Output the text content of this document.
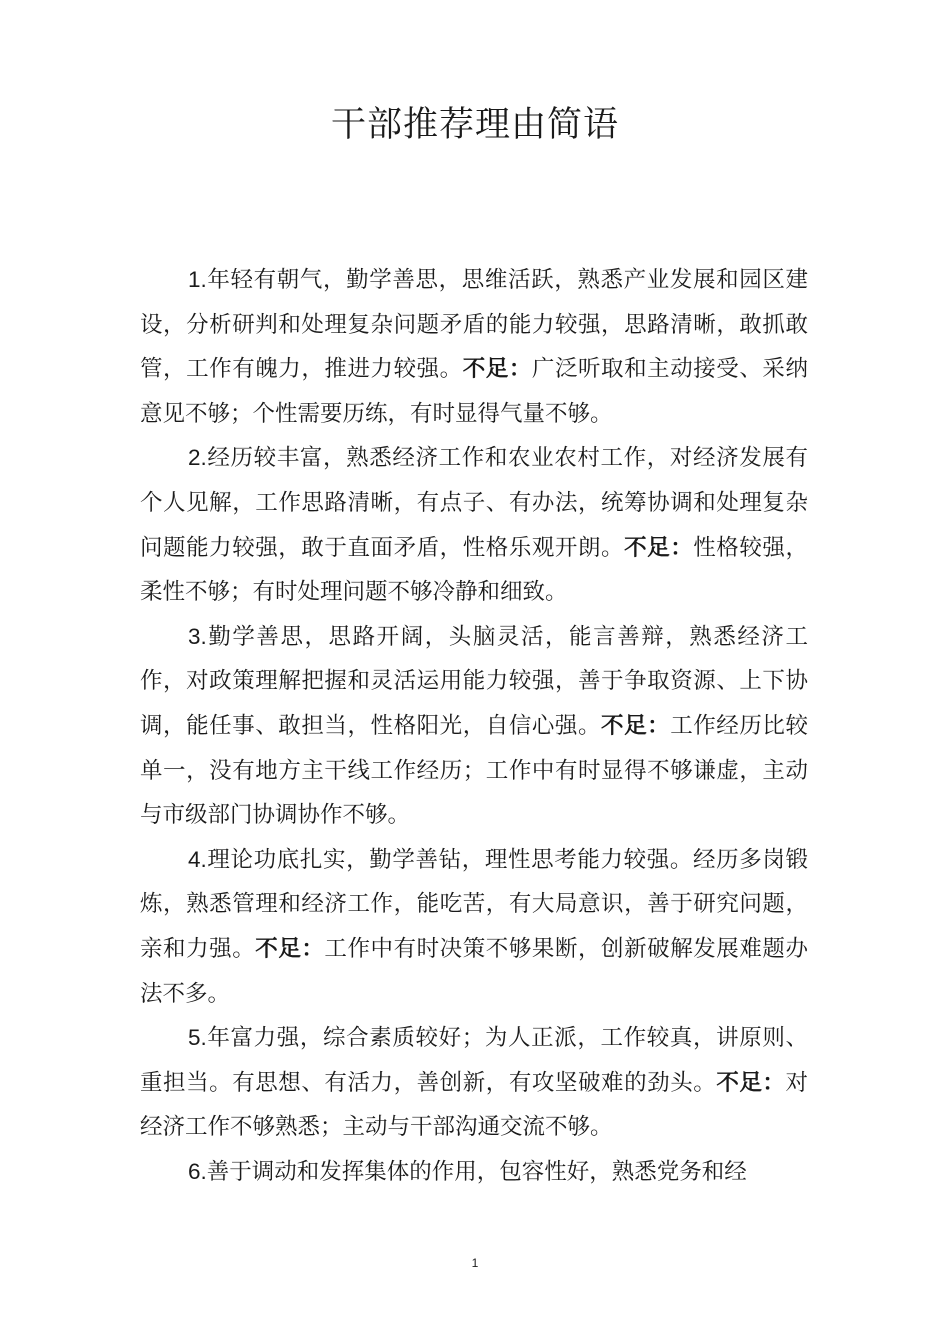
干部推荐理由简语

1.年轻有朝气，勤学善思，思维活跃，熟悉产业发展和园区建设，分析研判和处理复杂问题矛盾的能力较强，思路清晰，敢抓敢管，工作有魄力，推进力较强。不足：广泛听取和主动接受、采纳意见不够；个性需要历练，有时显得气量不够。

2.经历较丰富，熟悉经济工作和农业农村工作，对经济发展有个人见解，工作思路清晰，有点子、有办法，统筹协调和处理复杂问题能力较强，敢于直面矛盾，性格乐观开朗。不足：性格较强，柔性不够；有时处理问题不够冷静和细致。

3.勤学善思，思路开阔，头脑灵活，能言善辩，熟悉经济工作，对政策理解把握和灵活运用能力较强，善于争取资源、上下协调，能任事、敢担当，性格阳光，自信心强。不足：工作经历比较单一，没有地方主干线工作经历；工作中有时显得不够谦虚，主动与市级部门协调协作不够。

4.理论功底扎实，勤学善钻，理性思考能力较强。经历多岗锻炼，熟悉管理和经济工作，能吃苦，有大局意识，善于研究问题，亲和力强。不足：工作中有时决策不够果断，创新破解发展难题办法不多。

5.年富力强，综合素质较好；为人正派，工作较真，讲原则、重担当。有思想、有活力，善创新，有攻坚破难的劲头。不足：对经济工作不够熟悉；主动与干部沟通交流不够。

6.善于调动和发挥集体的作用，包容性好，熟悉党务和经

1
